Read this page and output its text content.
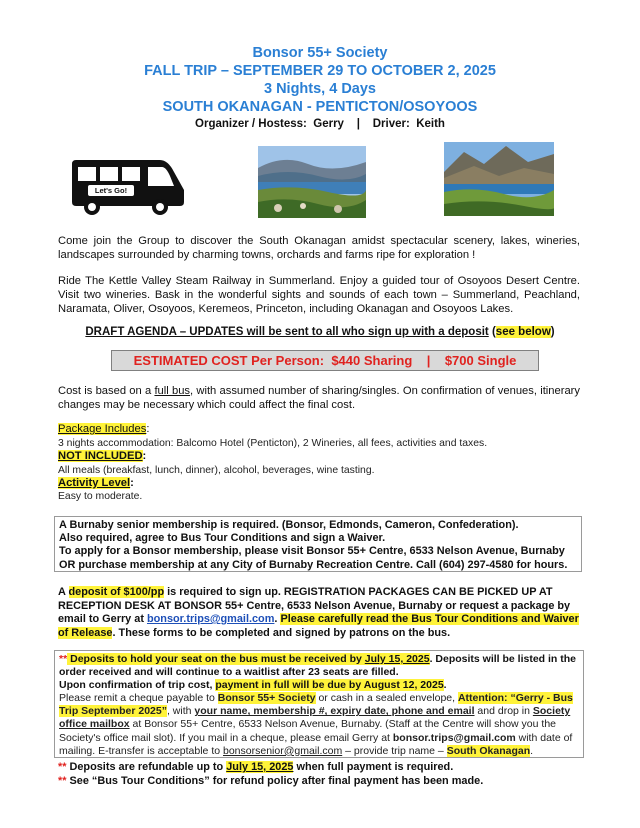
Bonsor 55+ Society
FALL TRIP – SEPTEMBER 29 TO OCTOBER 2, 2025
3 Nights, 4 Days
SOUTH OKANAGAN - PENTICTON/OSOYOOS
Organizer / Hostess: Gerry | Driver: Keith
Let's Go!
Come join the Group to discover the South Okanagan amidst spectacular scenery, lakes, wineries, landscapes surrounded by charming towns, orchards and farms ripe for exploration !
Ride The Kettle Valley Steam Railway in Summerland. Enjoy a guided tour of Osoyoos Desert Centre. Visit two wineries. Bask in the wonderful sights and sounds of each town – Summerland, Peachland, Naramata, Oliver, Osoyoos, Keremeos, Princeton, including Okanagan and Osoyoos Lakes.
DRAFT AGENDA – UPDATES will be sent to all who sign up with a deposit (see below)
ESTIMATED COST Per Person: $440 Sharing | $700 Single
Cost is based on a full bus, with assumed number of sharing/singles. On confirmation of venues, itinerary changes may be necessary which could affect the final cost.
Package Includes:
3 nights accommodation: Balcomo Hotel (Penticton), 2 Wineries, all fees, activities and taxes.
NOT INCLUDED:
All meals (breakfast, lunch, dinner), alcohol, beverages, wine tasting.
Activity Level:
Easy to moderate.
A Burnaby senior membership is required. (Bonsor, Edmonds, Cameron, Confederation).
Also required, agree to Bus Tour Conditions and sign a Waiver.
To apply for a Bonsor membership, please visit Bonsor 55+ Centre, 6533 Nelson Avenue, Burnaby OR purchase membership at any City of Burnaby Recreation Centre. Call (604) 297-4580 for hours.
A deposit of $100/pp is required to sign up. REGISTRATION PACKAGES CAN BE PICKED UP AT RECEPTION DESK AT BONSOR 55+ Centre, 6533 Nelson Avenue, Burnaby or request a package by email to Gerry at bonsor.trips@gmail.com. Please carefully read the Bus Tour Conditions and Waiver of Release. These forms to be completed and signed by patrons on the bus.
** Deposits to hold your seat on the bus must be received by July 15, 2025. Deposits will be listed in the order received and will continue to a waitlist after 23 seats are filled.
Upon confirmation of trip cost, payment in full will be due by August 12, 2025.
Please remit a cheque payable to Bonsor 55+ Society or cash in a sealed envelope, Attention: “Gerry - Bus Trip September 2025”, with your name, membership #, expiry date, phone and email and drop in Society office mailbox at Bonsor 55+ Centre, 6533 Nelson Avenue, Burnaby. (Staff at the Centre will show you the Society's office mail slot). If you mail in a cheque, please email Gerry at bonsor.trips@gmail.com with date of mailing. E-transfer is acceptable to bonsorsenior@gmail.com – provide trip name – South Okanagan.
** Deposits are refundable up to July 15, 2025 when full payment is required.
** See “Bus Tour Conditions” for refund policy after final payment has been made.
